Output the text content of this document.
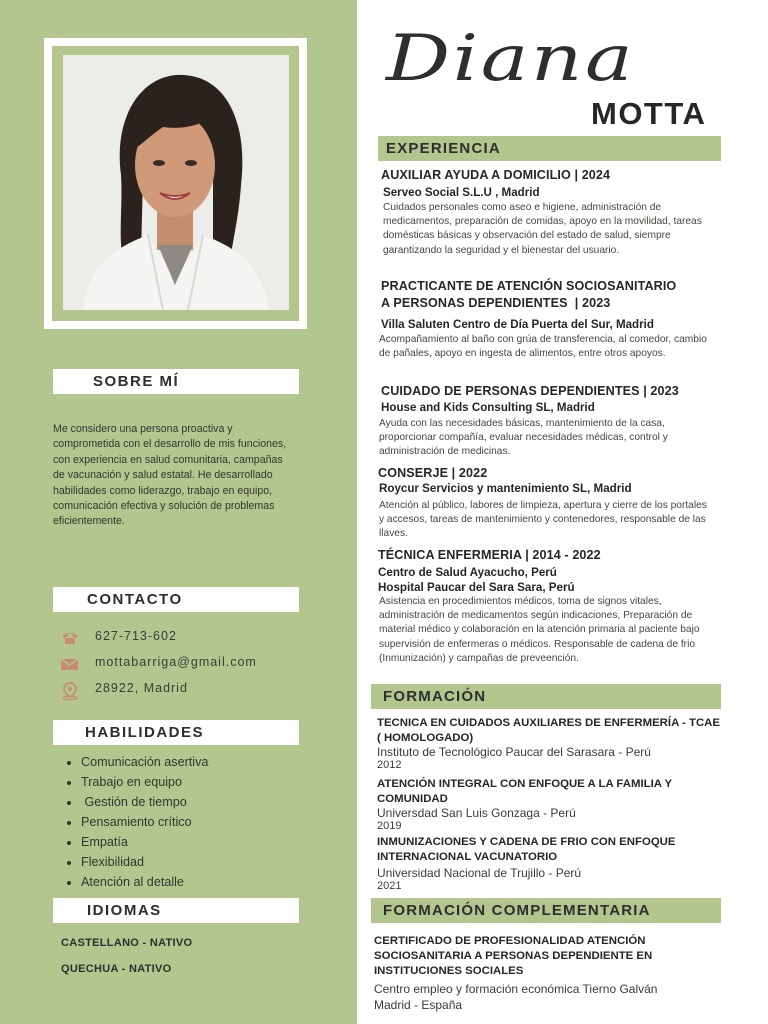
SOBRE MÍ
Me considero una persona proactiva y comprometida con el desarrollo de mis funciones, con experiencia en salud comunitaria, campañas de vacunación y salud estatal. He desarrollado habilidades como liderazgo, trabajo en equipo, comunicación efectiva y solución de problemas eficientemente.
CONTACTO
627-713-602
mottabarriga@gmail.com
28922, Madrid
HABILIDADES
• Comunicación asertiva
• Trabajo en equipo
•  Gestión de tiempo
• Pensamiento crítico
• Empatía
• Flexibilidad
• Atención al detalle
IDIOMAS
CASTELLANO - NATIVO
QUECHUA - NATIVO
Diana
MOTTA
EXPERIENCIA
AUXILIAR AYUDA A DOMICILIO | 2024
Serveo Social S.L.U , Madrid
Cuidados personales como aseo e higiene, administración de medicamentos, preparación de comidas, apoyo en la movilidad, tareas domésticas básicas y observación del estado de salud, siempre garantizando la seguridad y el bienestar del usuario.
PRACTICANTE DE ATENCIÓN SOCIOSANITARIO
A PERSONAS DEPENDIENTES  | 2023
Villa Saluten Centro de Día Puerta del Sur, Madrid
Acompañamiento al baño con grúa de transferencia, al comedor, cambio de pañales, apoyo en ingesta de alimentos, entre otros apoyos.
CUIDADO DE PERSONAS DEPENDIENTES | 2023
House and Kids Consulting SL, Madrid
Ayuda con las necesidades básicas, mantenimiento de la casa, proporcionar compañía, evaluar necesidades médicas, control y administración de medicinas.
CONSERJE | 2022
Roycur Servicios y mantenimiento SL, Madrid
Atención al público, labores de limpieza, apertura y cierre de los portales y accesos, tareas de mantenimiento y contenedores, responsable de las llaves.
TÉCNICA ENFERMERIA | 2014 - 2022
Centro de Salud Ayacucho, Perú
Hospital Paucar del Sara Sara, Perú
Asistencia en procedimientos médicos, toma de signos vitales, administración de medicamentos según indicaciones, Preparación de material médico y colaboración en la atención primaria al paciente bajo supervisión de enfermeras o médicos. Responsable de cadena de frio (Inmunización) y campañas de preveención.
FORMACIÓN
TECNICA EN CUIDADOS AUXILIARES DE ENFERMERÍA - TCAE ( HOMOLOGADO)
Instituto de Tecnológico Paucar del Sarasara - Perú
2012
ATENCIÓN INTEGRAL CON ENFOQUE A LA FAMILIA Y COMUNIDAD
Universdad San Luis Gonzaga - Perú
2019
INMUNIZACIONES Y CADENA DE FRIO CON ENFOQUE INTERNACIONAL VACUNATORIO
Universidad Nacional de Trujillo - Perú
2021
FORMACIÓN COMPLEMENTARIA
CERTIFICADO DE PROFESIONALIDAD ATENCIÓN SOCIOSANITARIA A PERSONAS DEPENDIENTE EN INSTITUCIONES SOCIALES
Centro empleo y formación económica Tierno Galván
Madrid - España
